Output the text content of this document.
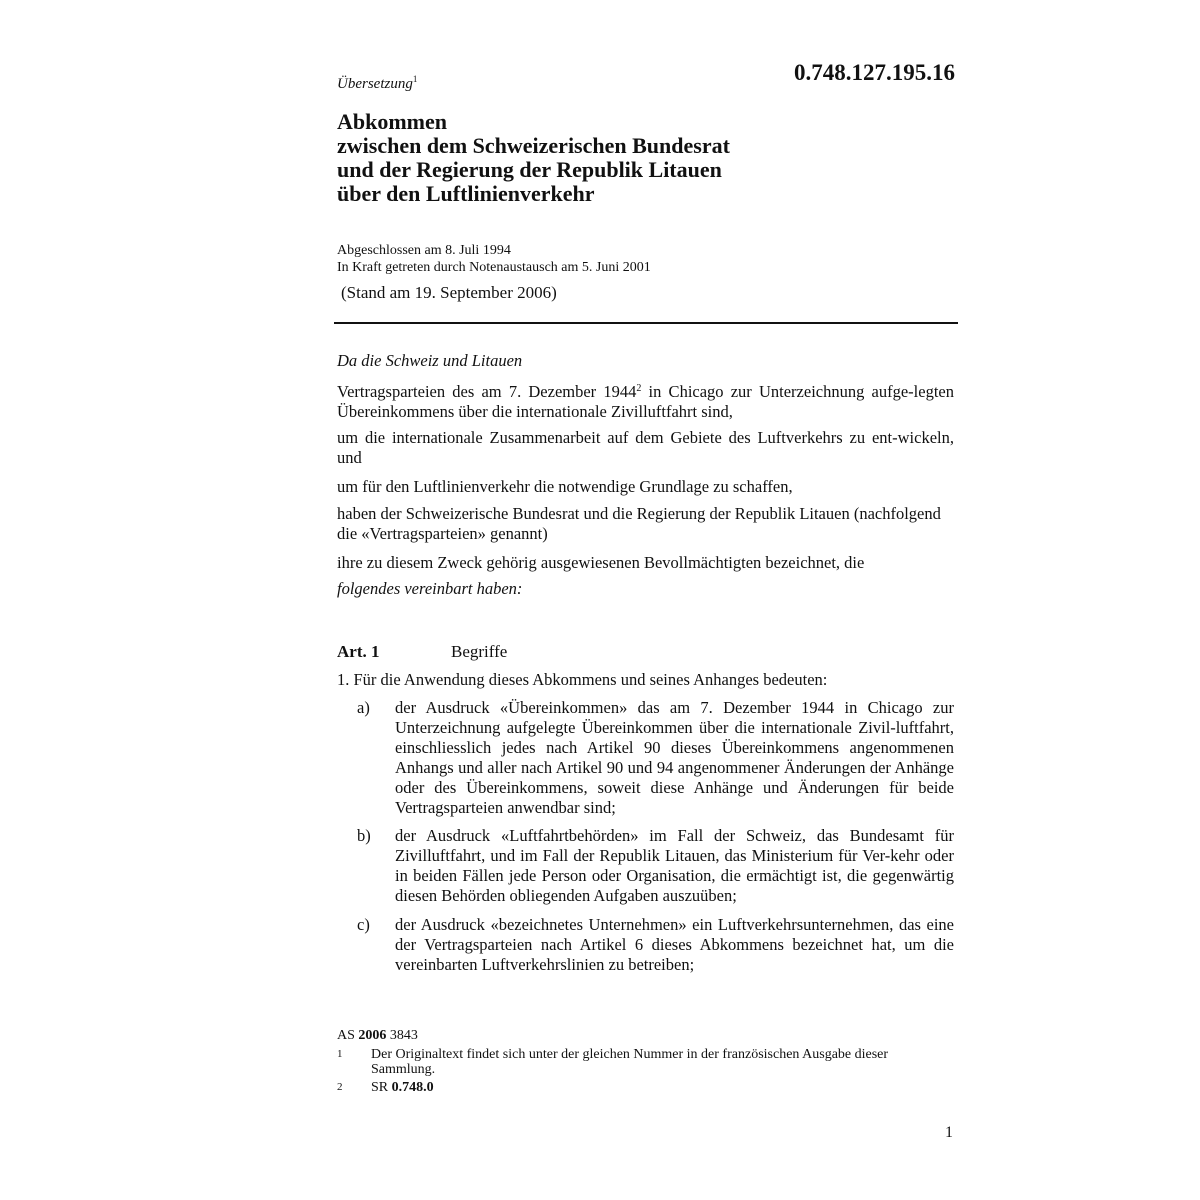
Übersetzung$^1$	0.748.127.195.16
Abkommen
zwischen dem Schweizerischen Bundesrat
und der Regierung der Republik Litauen
über den Luftlinienverkehr
Abgeschlossen am 8. Juli 1994
In Kraft getreten durch Notenaustausch am 5. Juni 2001
(Stand am 19. September 2006)
Da die Schweiz und Litauen
Vertragsparteien des am 7. Dezember 1944$^2$ in Chicago zur Unterzeichnung aufge-legten Übereinkommens über die internationale Zivilluftfahrt sind,
um die internationale Zusammenarbeit auf dem Gebiete des Luftverkehrs zu ent-wickeln, und
um für den Luftlinienverkehr die notwendige Grundlage zu schaffen,
haben der Schweizerische Bundesrat und die Regierung der Republik Litauen (nachfolgend die «Vertragsparteien» genannt)
ihre zu diesem Zweck gehörig ausgewiesenen Bevollmächtigten bezeichnet, die
folgendes vereinbart haben:
Art. 1	Begriffe
1. Für die Anwendung dieses Abkommens und seines Anhanges bedeuten:
a) der Ausdruck «Übereinkommen» das am 7. Dezember 1944 in Chicago zur Unterzeichnung aufgelegte Übereinkommen über die internationale Zivil-luftfahrt, einschliesslich jedes nach Artikel 90 dieses Übereinkommens angenommenen Anhangs und aller nach Artikel 90 und 94 angenommener Änderungen der Anhänge oder des Übereinkommens, soweit diese Anhänge und Änderungen für beide Vertragsparteien anwendbar sind;
b) der Ausdruck «Luftfahrtbehörden» im Fall der Schweiz, das Bundesamt für Zivilluftfahrt, und im Fall der Republik Litauen, das Ministerium für Ver-kehr oder in beiden Fällen jede Person oder Organisation, die ermächtigt ist, die gegenwärtig diesen Behörden obliegenden Aufgaben auszuüben;
c) der Ausdruck «bezeichnetes Unternehmen» ein Luftverkehrsunternehmen, das eine der Vertragsparteien nach Artikel 6 dieses Abkommens bezeichnet hat, um die vereinbarten Luftverkehrslinien zu betreiben;
AS 2006 3843
1 Der Originaltext findet sich unter der gleichen Nummer in der französischen Ausgabe dieser Sammlung.
2 SR 0.748.0
1
